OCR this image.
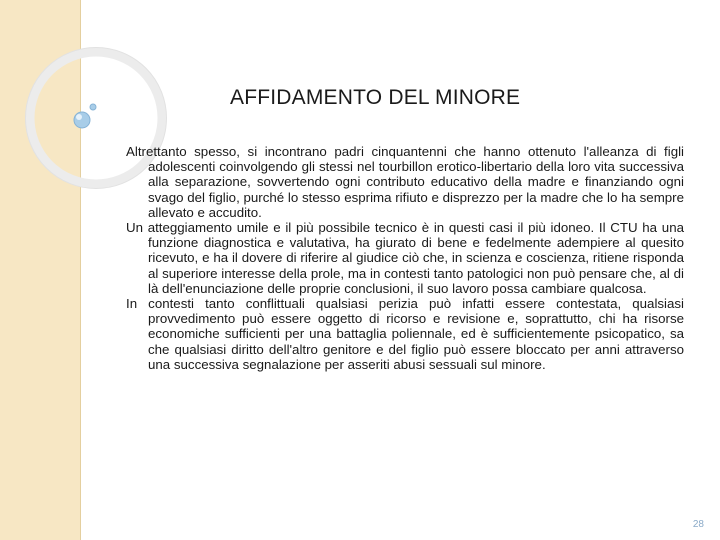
AFFIDAMENTO DEL MINORE

Altrettanto spesso, si incontrano padri cinquantenni che hanno ottenuto l'alleanza di figli adolescenti coinvolgendo gli stessi nel tourbillon erotico-libertario della loro vita successiva alla separazione, sovvertendo ogni contributo educativo della madre e finanziando ogni svago del figlio, purché lo stesso esprima rifiuto e disprezzo per la madre che lo ha sempre allevato e accudito.

Un atteggiamento umile e il più possibile tecnico è in questi casi il più idoneo. Il CTU ha una funzione diagnostica e valutativa, ha giurato di bene e fedelmente adempiere al quesito ricevuto, e ha il dovere di riferire al giudice ciò che, in scienza e coscienza, ritiene risponda al superiore interesse della prole, ma in contesti tanto patologici non può pensare che, al di là dell'enunciazione delle proprie conclusioni, il suo lavoro possa cambiare qualcosa.

In contesti tanto conflittuali qualsiasi perizia può infatti essere contestata, qualsiasi provvedimento può essere oggetto di ricorso e revisione e, soprattutto, chi ha risorse economiche sufficienti per una battaglia poliennale, ed è sufficientemente psicopatico, sa che qualsiasi diritto dell'altro genitore e del figlio può essere bloccato per anni attraverso una successiva segnalazione per asseriti abusi sessuali sul minore.

28
